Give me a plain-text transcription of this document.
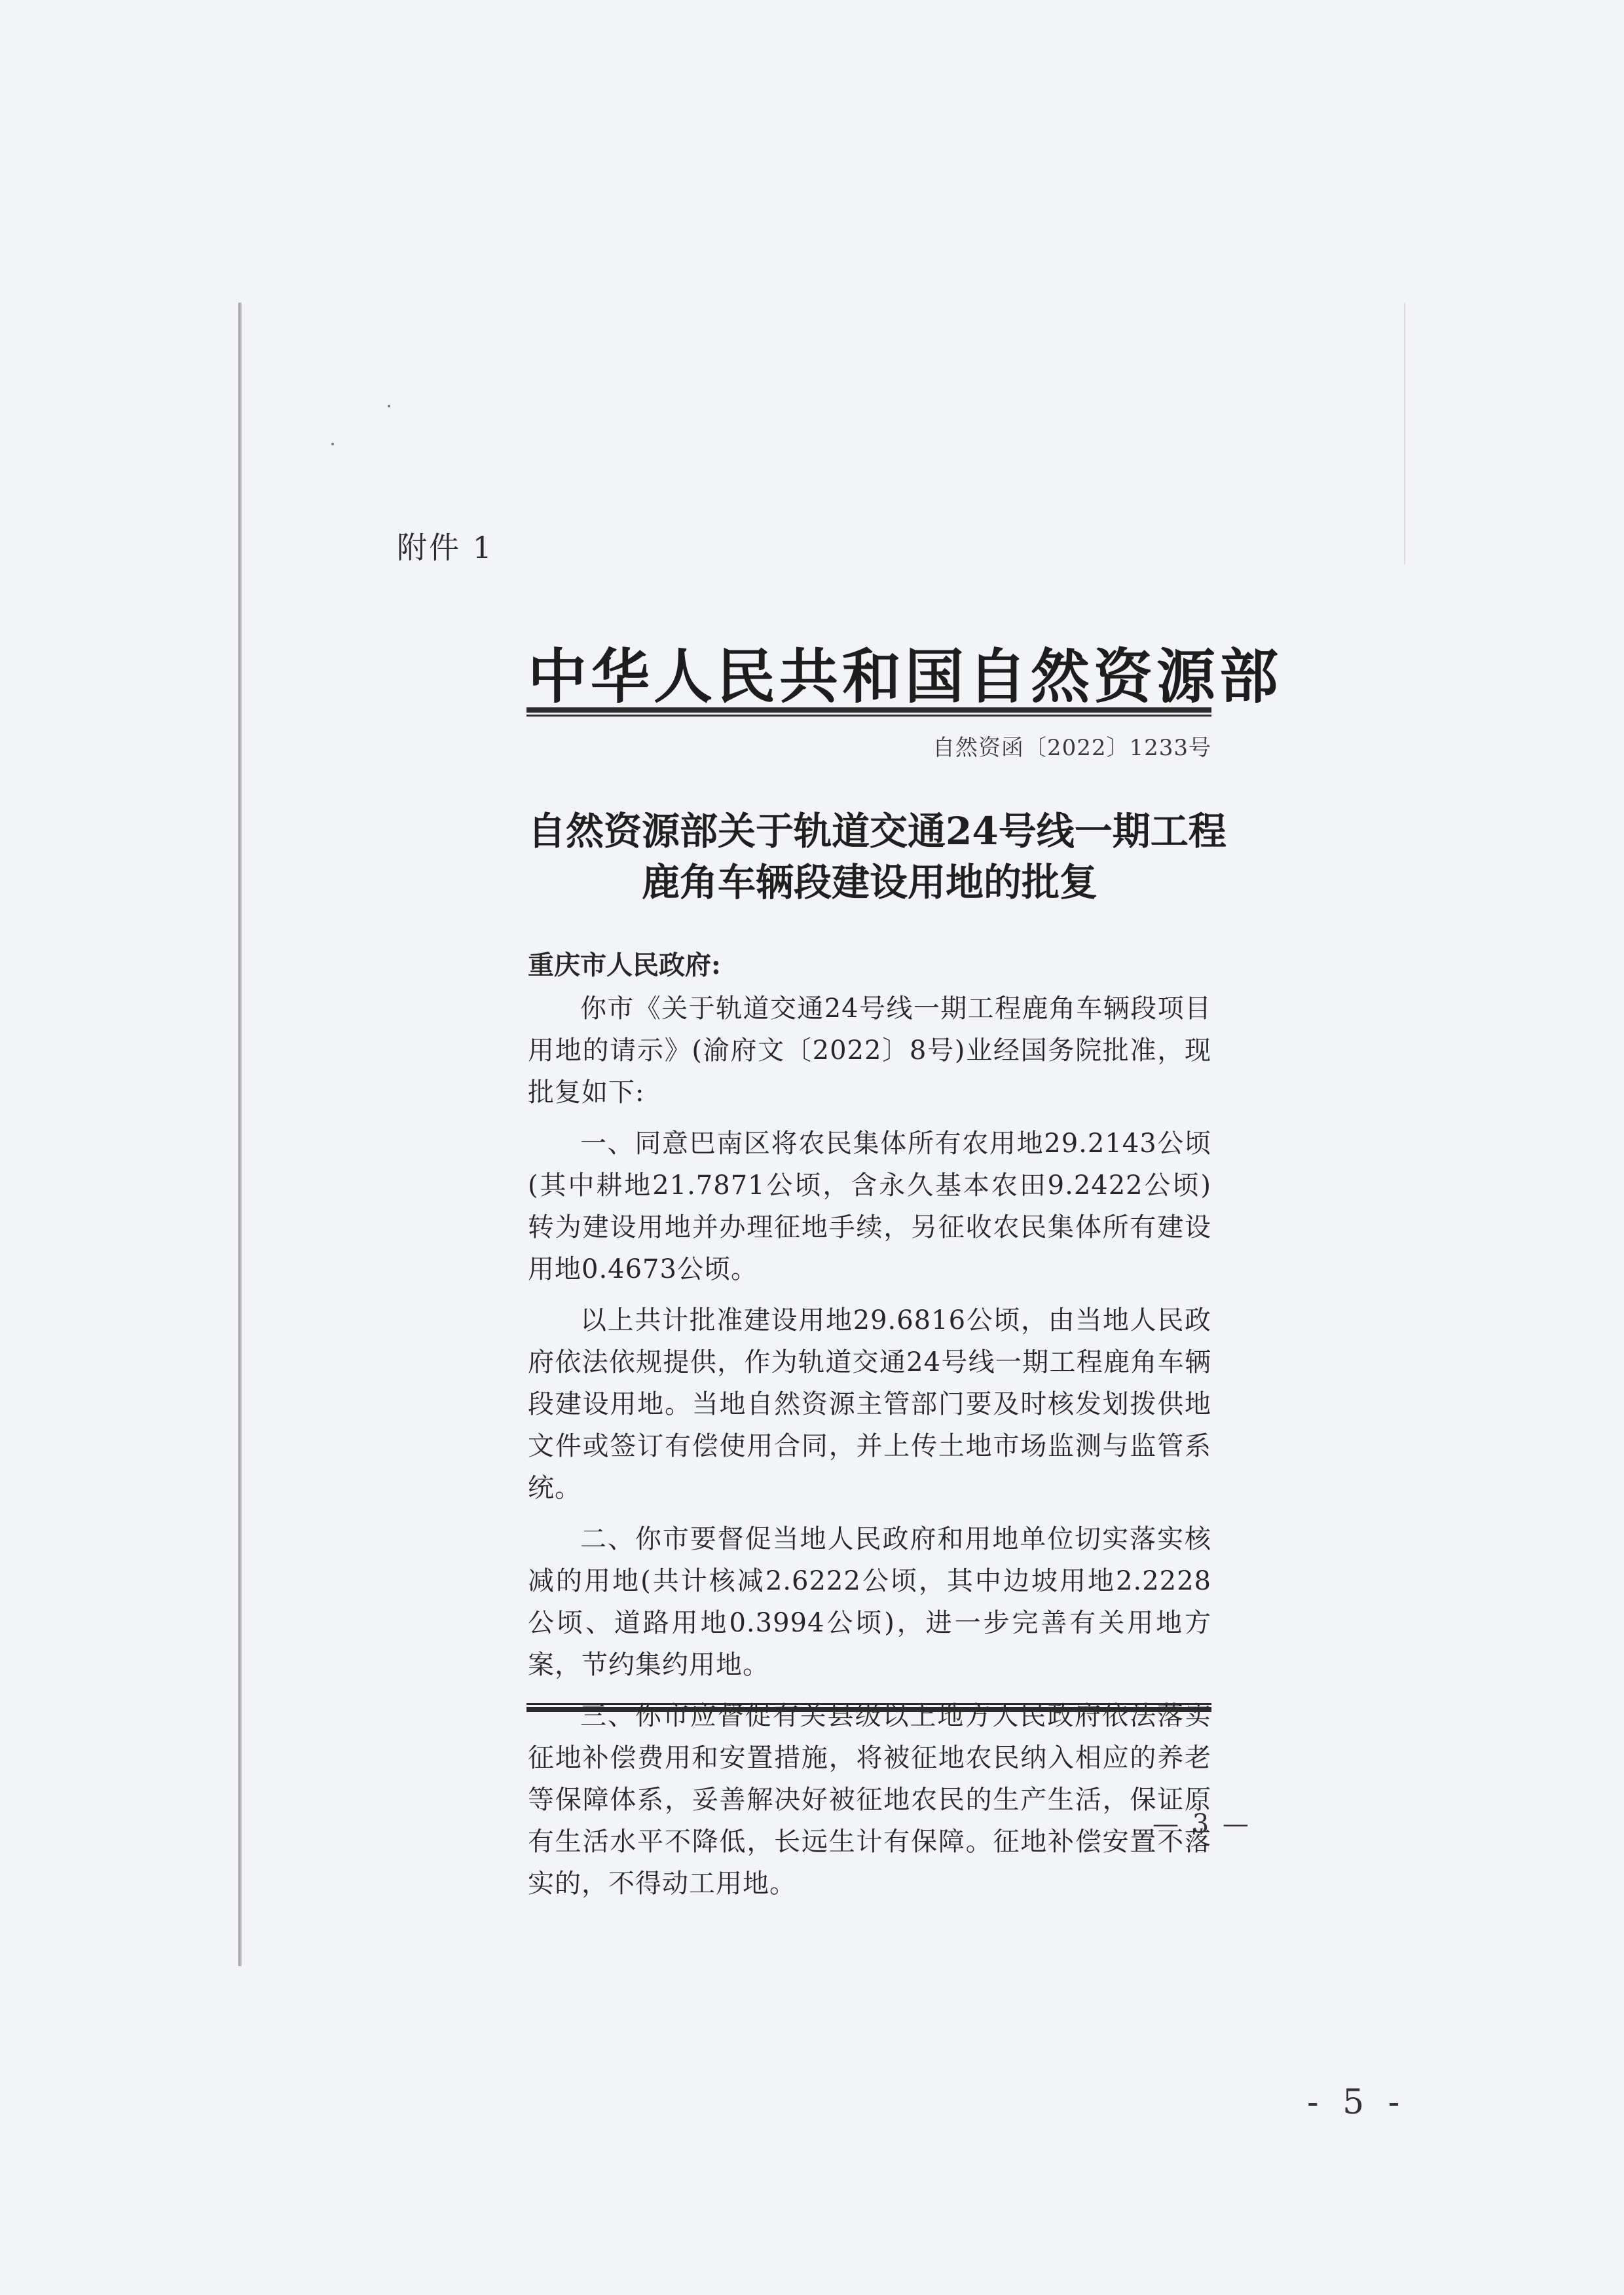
附件 1
中华人民共和国自然资源部
自然资函〔2022〕1233号
自然资源部关于轨道交通24号线一期工程
鹿角车辆段建设用地的批复

重庆市人民政府:

你市《关于轨道交通24号线一期工程鹿角车辆段项目用地的请示》(渝府文〔2022〕8号)业经国务院批准，现批复如下:

一、同意巴南区将农民集体所有农用地29.2143公顷(其中耕地21.7871公顷，含永久基本农田9.2422公顷)转为建设用地并办理征地手续，另征收农民集体所有建设用地0.4673公顷。

以上共计批准建设用地29.6816公顷，由当地人民政府依法依规提供，作为轨道交通24号线一期工程鹿角车辆段建设用地。当地自然资源主管部门要及时核发划拨供地文件或签订有偿使用合同，并上传土地市场监测与监管系统。

二、你市要督促当地人民政府和用地单位切实落实核减的用地(共计核减2.6222公顷，其中边坡用地2.2228公顷、道路用地0.3994公顷)，进一步完善有关用地方案，节约集约用地。

三、你市应督促有关县级以上地方人民政府依法落实征地补偿费用和安置措施，将被征地农民纳入相应的养老等保障体系，妥善解决好被征地农民的生产生活，保证原有生活水平不降低，长远生计有保障。征地补偿安置不落实的，不得动工用地。

— 3 —
- 5 -
